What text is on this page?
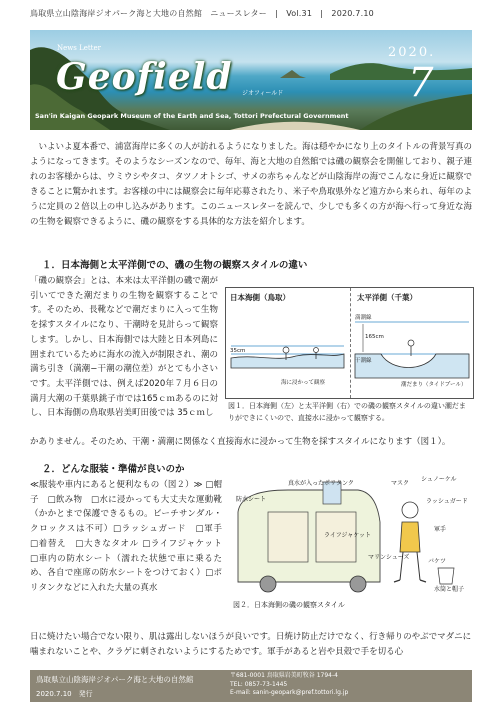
鳥取県立山陰海岸ジオパーク海と大地の自然館　ニュースレター　|　Vol.31　|　2020.7.10
News Letter
Geofield ジオフィールド
2020.
7
San'in Kaigan Geopark Museum of the Earth and Sea, Tottori Prefectural Government
いよいよ夏本番で、浦富海岸に多くの人が訪れるようになりました。海は穏やかになり上のタイトルの背景写真のようになってきます。そのようなシーズンなので、毎年、海と大地の自然館では磯の観察会を開催しており、親子連れのお客様からは、ウミウシやタコ、タツノオトシゴ、サメの赤ちゃんなどが山陰海岸の海でこんなに身近に観察できることに驚かれます。お客様の中には観察会に毎年応募されたり、米子や鳥取県外など遠方から来られ、毎年のように定員の２倍以上の申し込みがあります。このニュースレターを読んで、少しでも多くの方が海へ行って身近な海の生物を観察できるように、磯の観察をする具体的な方法を紹介します。
１．日本海側と太平洋側での、磯の生物の観察スタイルの違い
「磯の観察会」とは、本来は太平洋側の磯で潮が引いてできた潮だまりの生物を観察することです。そのため、長靴などで潮だまりに入って生物を採すスタイルになり、干潮時を見計らって観察します。しかし、日本海側では大陸と日本列島に囲まれているために海水の流入が制限され、潮の満ち引き（満潮−干潮の潮位差）がとても小さいです。太平洋側では、例えば2020年７月６日の満月大潮の千葉県銚子市では165ｃｍあるのに対し、日本海側の鳥取県岩美町田後では 35ｃｍし
日本海側（鳥取）
35cm
海に浸かって観察
太平洋側（千葉）
満潮線
165cm
干潮線
潮だまり（タイドプール）
図１．日本海側（左）と太平洋側（右）での磯の観察スタイルの違い潮だまりができにくいので、直接水に浸かって観察する。
かありません。そのため、干潮・満潮に関係なく直接海水に浸かって生物を採すスタイルになります（図１）。
２．どんな服装・準備が良いのか
≪服装や車内にあると便利なもの（図２）≫ □帽子　□飲み物　□水に浸かっても大丈夫な運動靴（かかとまで保護できるもの。ビーチサンダル・クロックスは不可）□ラッシュガード　□軍手　□着替え　□大きなタオル □ライフジャケット　□車内の防水シート（濡れた状態で車に乗るため、各自で座席の防水シートをつけておく）□ポリタンクなどに入れた大量の真水
真水が入ったポリタンク
防水シート
マスク
シュノーケル
ラッシュガード
軍手
ライフジャケット
マリンシューズ
バケツ
水筒と帽子
図２．日本海側の磯の観察スタイル
日に焼けたい場合でない限り、肌は露出しないほうが良いです。日焼け防止だけでなく、行き帰りのやぶでマダニに噛まれないことや、クラゲに刺されないようにするためです。軍手があると岩や貝殻で手を切る心
鳥取県立山陰海岸ジオパーク海と大地の自然館
2020.7.10　発行
〒681-0001 鳥取県岩美町牧谷 1794-4
TEL: 0857-73-1445
E-mail: sanin-geopark@pref.tottori.lg.jp
